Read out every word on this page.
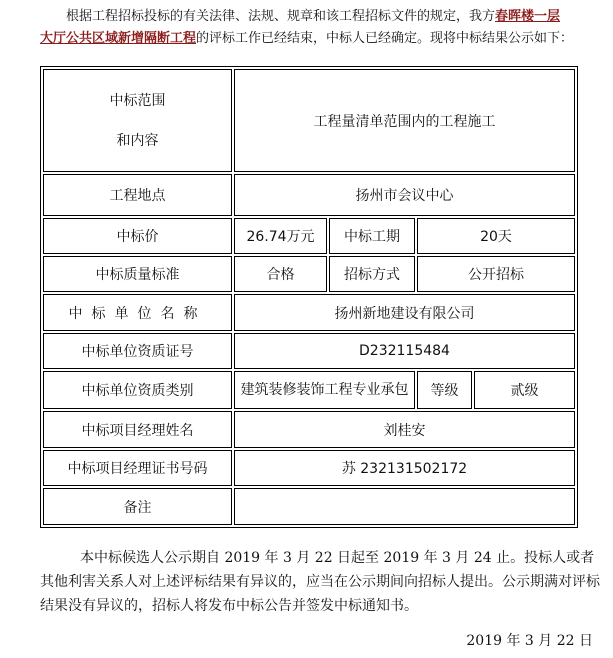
根据工程招标投标的有关法律、法规、规章和该工程招标文件的规定，我方春晖楼一层
大厅公共区域新增隔断工程的评标工作已经结束，中标人已经确定。现将中标结果公示如下：
中标范围
和内容	工程量清单范围内的工程施工			
工程地点	扬州市会议中心			
中标价	26.74万元	中标工期	20天	
中标质量标准	合格	招标方式	公开招标	
中标单位名称	扬州新地建设有限公司			
中标单位资质证号	D232115484			
中标单位资质类别	建筑装修装饰工程专业承包		等级	贰级
中标项目经理姓名	刘桂安			
中标项目经理证书号码	苏 232131502172			
备注				
本中标候选人公示期自 2019 年 3 月 22 日起至 2019 年 3 月 24 止。投标人或者其他利害关系人对上述评标结果有异议的，应当在公示期间向招标人提出。公示期满对评标结果没有异议的，招标人将发布中标公告并签发中标通知书。
2019 年 3 月 22 日
